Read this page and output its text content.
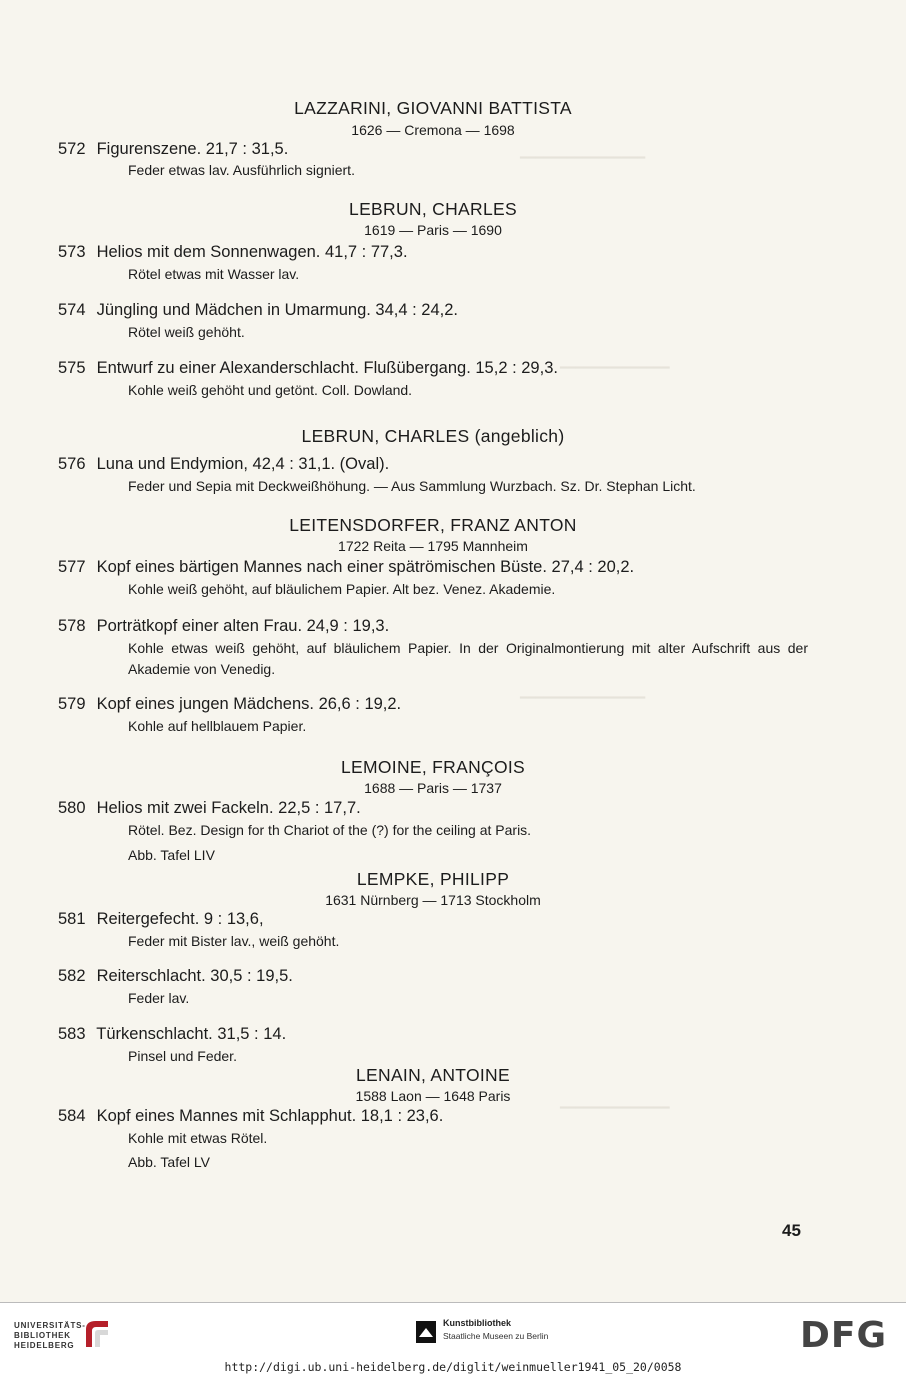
━━━━━━━━━━━━━━━━
━━━━━━━━━━━━━━
━━━━━━━━━━━━━━━━
━━━━━━━━━━━━━━
LAZZARINI, GIOVANNI BATTISTA
1626 — Cremona — 1698
572 Figurenszene. 21,7 : 31,5.
Feder etwas lav. Ausführlich signiert.
LEBRUN, CHARLES
1619 — Paris — 1690
573 Helios mit dem Sonnenwagen. 41,7 : 77,3.
Rötel etwas mit Wasser lav.
574 Jüngling und Mädchen in Umarmung. 34,4 : 24,2.
Rötel weiß gehöht.
575 Entwurf zu einer Alexanderschlacht. Flußübergang. 15,2 : 29,3.
Kohle weiß gehöht und getönt. Coll. Dowland.
LEBRUN, CHARLES (angeblich)
576 Luna und Endymion, 42,4 : 31,1. (Oval).
Feder und Sepia mit Deckweißhöhung. — Aus Sammlung Wurzbach. Sz. Dr. Stephan Licht.
LEITENSDORFER, FRANZ ANTON
1722 Reita — 1795 Mannheim
577 Kopf eines bärtigen Mannes nach einer spätrömischen Büste. 27,4 : 20,2.
Kohle weiß gehöht, auf bläulichem Papier. Alt bez. Venez. Akademie.
578 Porträtkopf einer alten Frau. 24,9 : 19,3.
Kohle etwas weiß gehöht, auf bläulichem Papier. In der Originalmontierung mit alter Aufschrift aus der Akademie von Venedig.
579 Kopf eines jungen Mädchens. 26,6 : 19,2.
Kohle auf hellblauem Papier.
LEMOINE, FRANÇOIS
1688 — Paris — 1737
580 Helios mit zwei Fackeln. 22,5 : 17,7.
Rötel. Bez. Design for th Chariot of the (?) for the ceiling at Paris.
Abb. Tafel LIV
LEMPKE, PHILIPP
1631 Nürnberg — 1713 Stockholm
581 Reitergefecht. 9 : 13,6,
Feder mit Bister lav., weiß gehöht.
582 Reiterschlacht. 30,5 : 19,5.
Feder lav.
583 Türkenschlacht. 31,5 : 14.
Pinsel und Feder.
LENAIN, ANTOINE
1588 Laon — 1648 Paris
584 Kopf eines Mannes mit Schlapphut. 18,1 : 23,6.
Kohle mit etwas Rötel.
Abb. Tafel LV
45
UNIVERSITÄTS-
BIBLIOTHEK
HEIDELBERG
Kunstbibliothek
Staatliche Museen zu Berlin	DFG
http://digi.ub.uni-heidelberg.de/diglit/weinmueller1941_05_20/0058
